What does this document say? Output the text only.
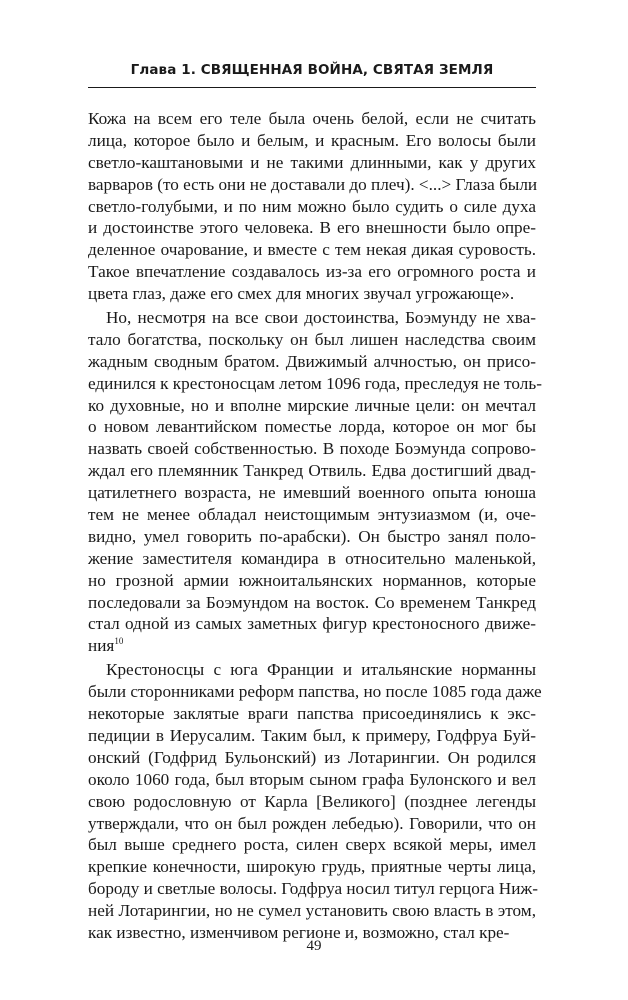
Глава 1. СВЯЩЕННАЯ ВОЙНА, СВЯТАЯ ЗЕМЛЯ
Кожа на всем его теле была очень белой, если не считать
лица, которое было и белым, и красным. Его волосы были
светло-каштановыми и не такими длинными, как у других
варваров (то есть они не доставали до плеч). <...> Глаза были
светло-голубыми, и по ним можно было судить о силе духа
и достоинстве этого человека. В его внешности было опре-
деленное очарование, и вместе с тем некая дикая суровость.
Такое впечатление создавалось из-за его огромного роста и
цвета глаз, даже его смех для многих звучал угрожающе».
Но, несмотря на все свои достоинства, Боэмунду не хва-
тало богатства, поскольку он был лишен наследства своим
жадным сводным братом. Движимый алчностью, он присо-
единился к крестоносцам летом 1096 года, преследуя не толь-
ко духовные, но и вполне мирские личные цели: он мечтал
о новом левантийском поместье лорда, которое он мог бы
назвать своей собственностью. В походе Боэмунда сопрово-
ждал его племянник Танкред Отвиль. Едва достигший двад-
цатилетнего возраста, не имевший военного опыта юноша
тем не менее обладал неистощимым энтузиазмом (и, оче-
видно, умел говорить по-арабски). Он быстро занял поло-
жение заместителя командира в относительно маленькой,
но грозной армии южноитальянских норманнов, которые
последовали за Боэмундом на восток. Со временем Танкред
стал одной из самых заметных фигур крестоносного движе-
ния$^{10}$
Крестоносцы с юга Франции и итальянские норманны
были сторонниками реформ папства, но после 1085 года даже
некоторые заклятые враги папства присоединялись к экс-
педиции в Иерусалим. Таким был, к примеру, Годфруа Буй-
онский (Годфрид Бульонский) из Лотарингии. Он родился
около 1060 года, был вторым сыном графа Булонского и вел
свою родословную от Карла [Великого] (позднее легенды
утверждали, что он был рожден лебедью). Говорили, что он
был выше среднего роста, силен сверх всякой меры, имел
крепкие конечности, широкую грудь, приятные черты лица,
бороду и светлые волосы. Годфруа носил титул герцога Ниж-
ней Лотарингии, но не сумел установить свою власть в этом,
как известно, изменчивом регионе и, возможно, стал кре-
49
